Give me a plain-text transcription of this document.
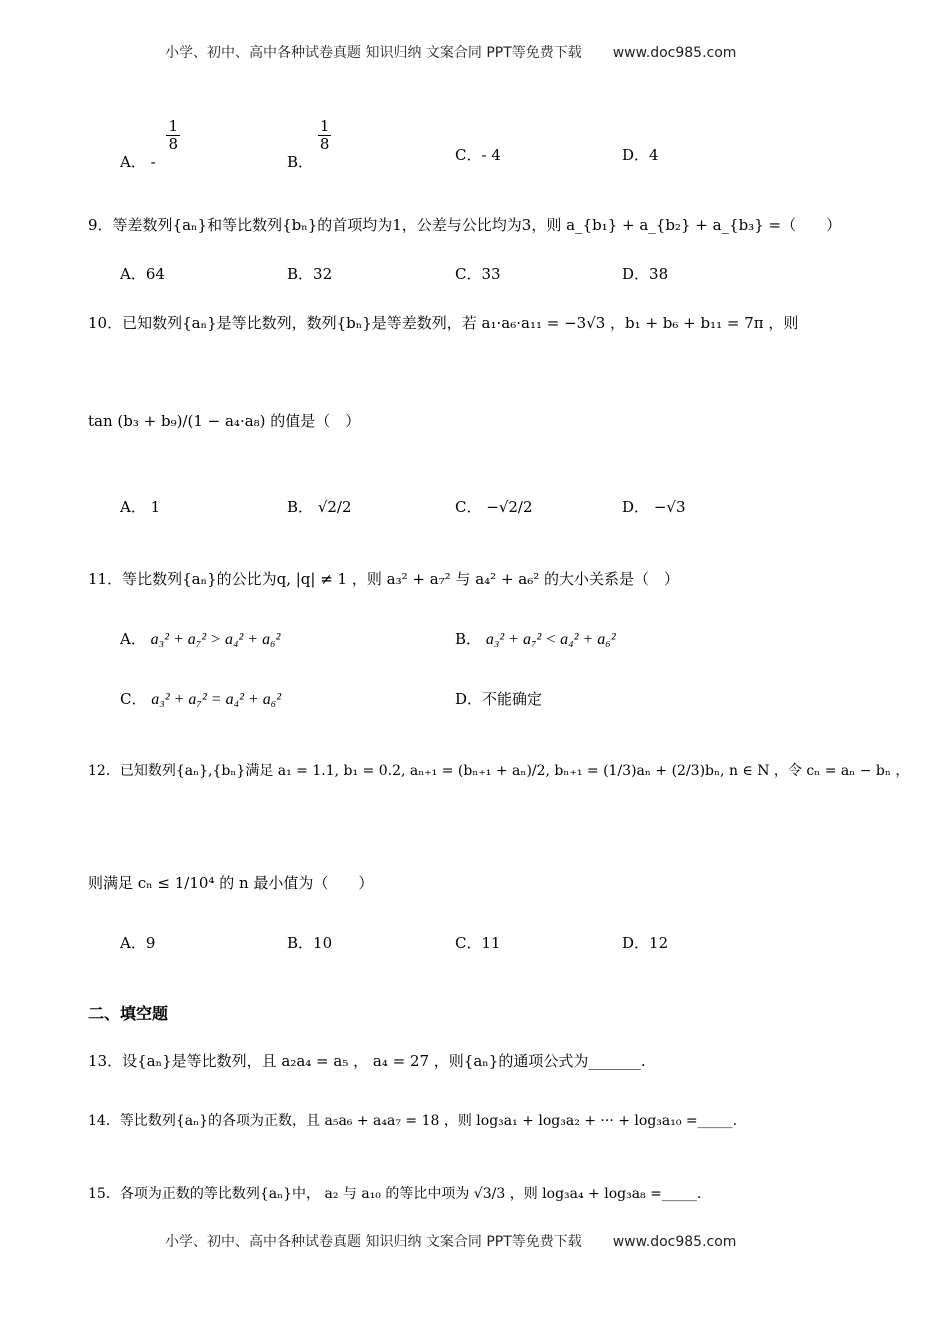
小学、初中、高中各种试卷真题 知识归纳 文案合同 PPT等免费下载 www.doc985.com
A． -
$\frac{1}{8}$
B．
$\frac{1}{8}$
C．- 4	D．4
9．等差数列{aₙ}和等比数列{bₙ}的首项均为1，公差与公比均为3，则 a_{b₁} + a_{b₂} + a_{b₃} =（　　）
A．64	B．32	C．33	D．38
10．已知数列{aₙ}是等比数列，数列{bₙ}是等差数列，若 a₁·a₆·a₁₁ = −3√3 ，b₁ + b₆ + b₁₁ = 7π ，则
tan (b₃ + b₉)/(1 − a₄·a₈) 的值是（　）
A． 1	B． √2/2	C． −√2/2	D． −√3
11．等比数列{aₙ}的公比为q, |q| ≠ 1 ，则 a₃² + a₇² 与 a₄² + a₆² 的大小关系是（　）
A． a₃² + a₇² > a₄² + a₆²	B． a₃² + a₇² < a₄² + a₆²
C． a₃² + a₇² = a₄² + a₆²	D．不能确定
12．已知数列{aₙ},{bₙ}满足 a₁ = 1.1, b₁ = 0.2, aₙ₊₁ = (bₙ₊₁ + aₙ)/2, bₙ₊₁ = (1/3)aₙ + (2/3)bₙ, n ∈ N ，令 cₙ = aₙ − bₙ ，
则满足 cₙ ≤ 1/10⁴ 的 n 最小值为（　　）
A．9	B．10	C．11	D．12
二、填空题
13．设{aₙ}是等比数列，且 a₂a₄ = a₅ ， a₄ = 27 ，则{aₙ}的通项公式为_______.
14．等比数列{aₙ}的各项为正数，且 a₅a₆ + a₄a₇ = 18 ，则 log₃a₁ + log₃a₂ + ··· + log₃a₁₀ =_____.
15．各项为正数的等比数列{aₙ}中， a₂ 与 a₁₀ 的等比中项为 √3/3 ，则 log₃a₄ + log₃a₈ =_____.
小学、初中、高中各种试卷真题 知识归纳 文案合同 PPT等免费下载 www.doc985.com
